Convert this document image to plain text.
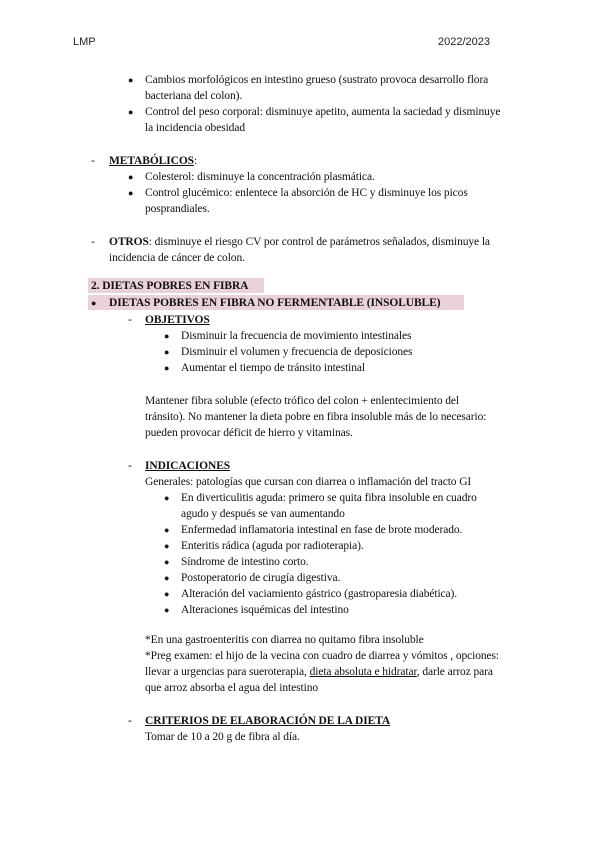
LMP	2022/2023
● Cambios morfológicos en intestino grueso (sustrato provoca desarrollo flora
bacteriana del colon).
● Control del peso corporal: disminuye apetito, aumenta la saciedad y disminuye
la incidencia obesidad
- METABÓLICOS:
● Colesterol: disminuye la concentración plasmática.
● Control glucémico: enlentece la absorción de HC y disminuye los picos
posprandiales.
- OTROS: disminuye el riesgo CV por control de parámetros señalados, disminuye la
incidencia de cáncer de colon.
2. DIETAS POBRES EN FIBRA
● DIETAS POBRES EN FIBRA NO FERMENTABLE (INSOLUBLE)
- OBJETIVOS
● Disminuir la frecuencia de movimiento intestinales
● Disminuir el volumen y frecuencia de deposiciones
● Aumentar el tiempo de tránsito intestinal
Mantener fibra soluble (efecto trófico del colon + enlentecimiento del
tránsito). No mantener la dieta pobre en fibra insoluble más de lo necesario:
pueden provocar déficit de hierro y vitaminas.
- INDICACIONES
Generales: patologías que cursan con diarrea o inflamación del tracto GI
● En diverticulitis aguda: primero se quita fibra insoluble en cuadro
agudo y después se van aumentando
● Enfermedad inflamatoria intestinal en fase de brote moderado.
● Enteritis rádica (aguda por radioterapia).
● Síndrome de intestino corto.
● Postoperatorio de cirugía digestiva.
● Alteración del vaciamiento gástrico (gastroparesia diabética).
● Alteraciones isquémicas del intestino
*En una gastroenteritis con diarrea no quitamo fibra insoluble
*Preg examen: el hijo de la vecina con cuadro de diarrea y vómitos , opciones:
llevar a urgencias para sueroterapia, dieta absoluta e hidratar, darle arroz para
que arroz absorba el agua del intestino
- CRITERIOS DE ELABORACIÓN DE LA DIETA
Tomar de 10 a 20 g de fibra al día.
